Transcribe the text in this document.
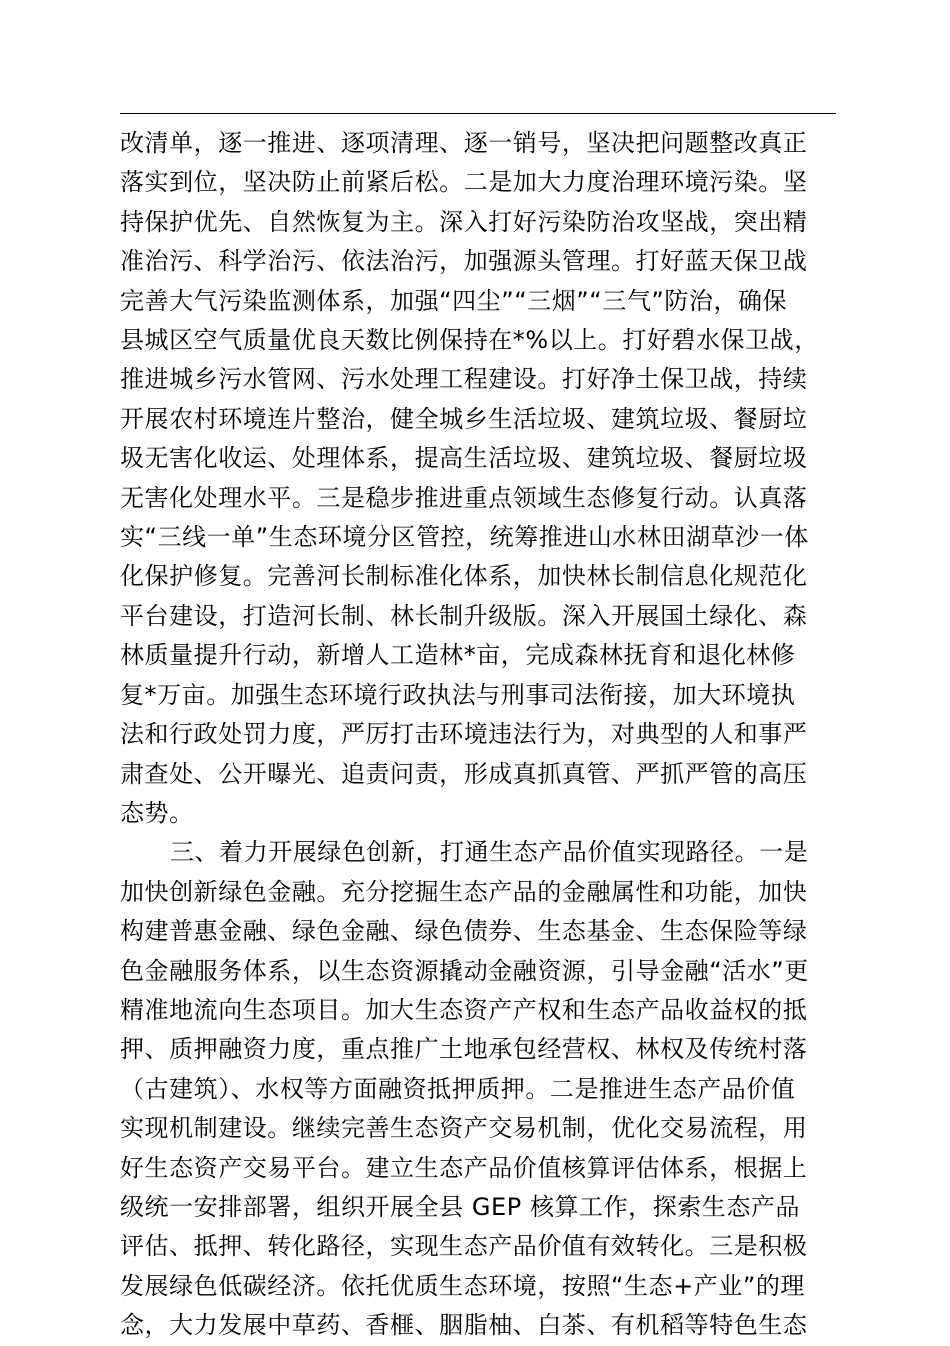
改清单，逐一推进、逐项清理、逐一销号，坚决把问题整改真正
落实到位，坚决防止前紧后松。二是加大力度治理环境污染。坚
持保护优先、自然恢复为主。深入打好污染防治攻坚战，突出精
准治污、科学治污、依法治污，加强源头管理。打好蓝天保卫战
完善大气污染监测体系，加强“四尘”“三烟”“三气”防治，确保
县城区空气质量优良天数比例保持在*%以上。打好碧水保卫战，
推进城乡污水管网、污水处理工程建设。打好净土保卫战，持续
开展农村环境连片整治，健全城乡生活垃圾、建筑垃圾、餐厨垃
圾无害化收运、处理体系，提高生活垃圾、建筑垃圾、餐厨垃圾
无害化处理水平。三是稳步推进重点领域生态修复行动。认真落
实“三线一单”生态环境分区管控，统筹推进山水林田湖草沙一体
化保护修复。完善河长制标准化体系，加快林长制信息化规范化
平台建设，打造河长制、林长制升级版。深入开展国土绿化、森
林质量提升行动，新增人工造林*亩，完成森林抚育和退化林修
复*万亩。加强生态环境行政执法与刑事司法衔接，加大环境执
法和行政处罚力度，严厉打击环境违法行为，对典型的人和事严
肃查处、公开曝光、追责问责，形成真抓真管、严抓严管的高压
态势。

三、着力开展绿色创新，打通生态产品价值实现路径。一是
加快创新绿色金融。充分挖掘生态产品的金融属性和功能，加快
构建普惠金融、绿色金融、绿色债券、生态基金、生态保险等绿
色金融服务体系，以生态资源撬动金融资源，引导金融“活水”更
精准地流向生态项目。加大生态资产产权和生态产品收益权的抵
押、质押融资力度，重点推广土地承包经营权、林权及传统村落
（古建筑）、水权等方面融资抵押质押。二是推进生态产品价值
实现机制建设。继续完善生态资产交易机制，优化交易流程，用
好生态资产交易平台。建立生态产品价值核算评估体系，根据上
级统一安排部署，组织开展全县 GEP 核算工作，探索生态产品
评估、抵押、转化路径，实现生态产品价值有效转化。三是积极
发展绿色低碳经济。依托优质生态环境，按照“生态+产业”的理
念，大力发展中草药、香榧、胭脂柚、白茶、有机稻等特色生态
